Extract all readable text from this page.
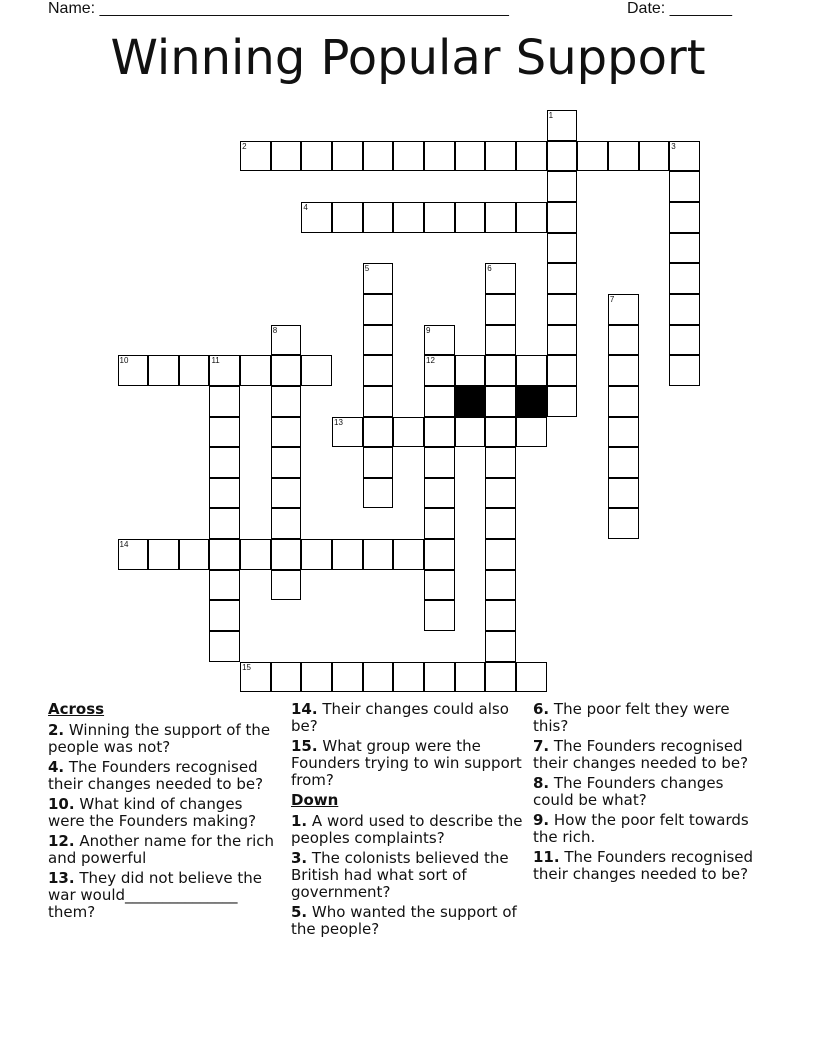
Name: ______________________________________________	Date: _______
Winning Popular Support
1
2	3
4
5	6
7
8	9
10	11	12
13
14
15
Across
2. Winning the support of the people was not?
4. The Founders recognised their changes needed to be?
10. What kind of changes were the Founders making?
12. Another name for the rich and powerful
13. They did not believe the war would_______________ them?
14. Their changes could also be?
15. What group were the Founders trying to win support from?
Down
1. A word used to describe the peoples complaints?
3. The colonists believed the British had what sort of government?
5. Who wanted the support of the people?
6. The poor felt they were this?
7. The Founders recognised their changes needed to be?
8. The Founders changes could be what?
9. How the poor felt towards the rich.
11. The Founders recognised their changes needed to be?
